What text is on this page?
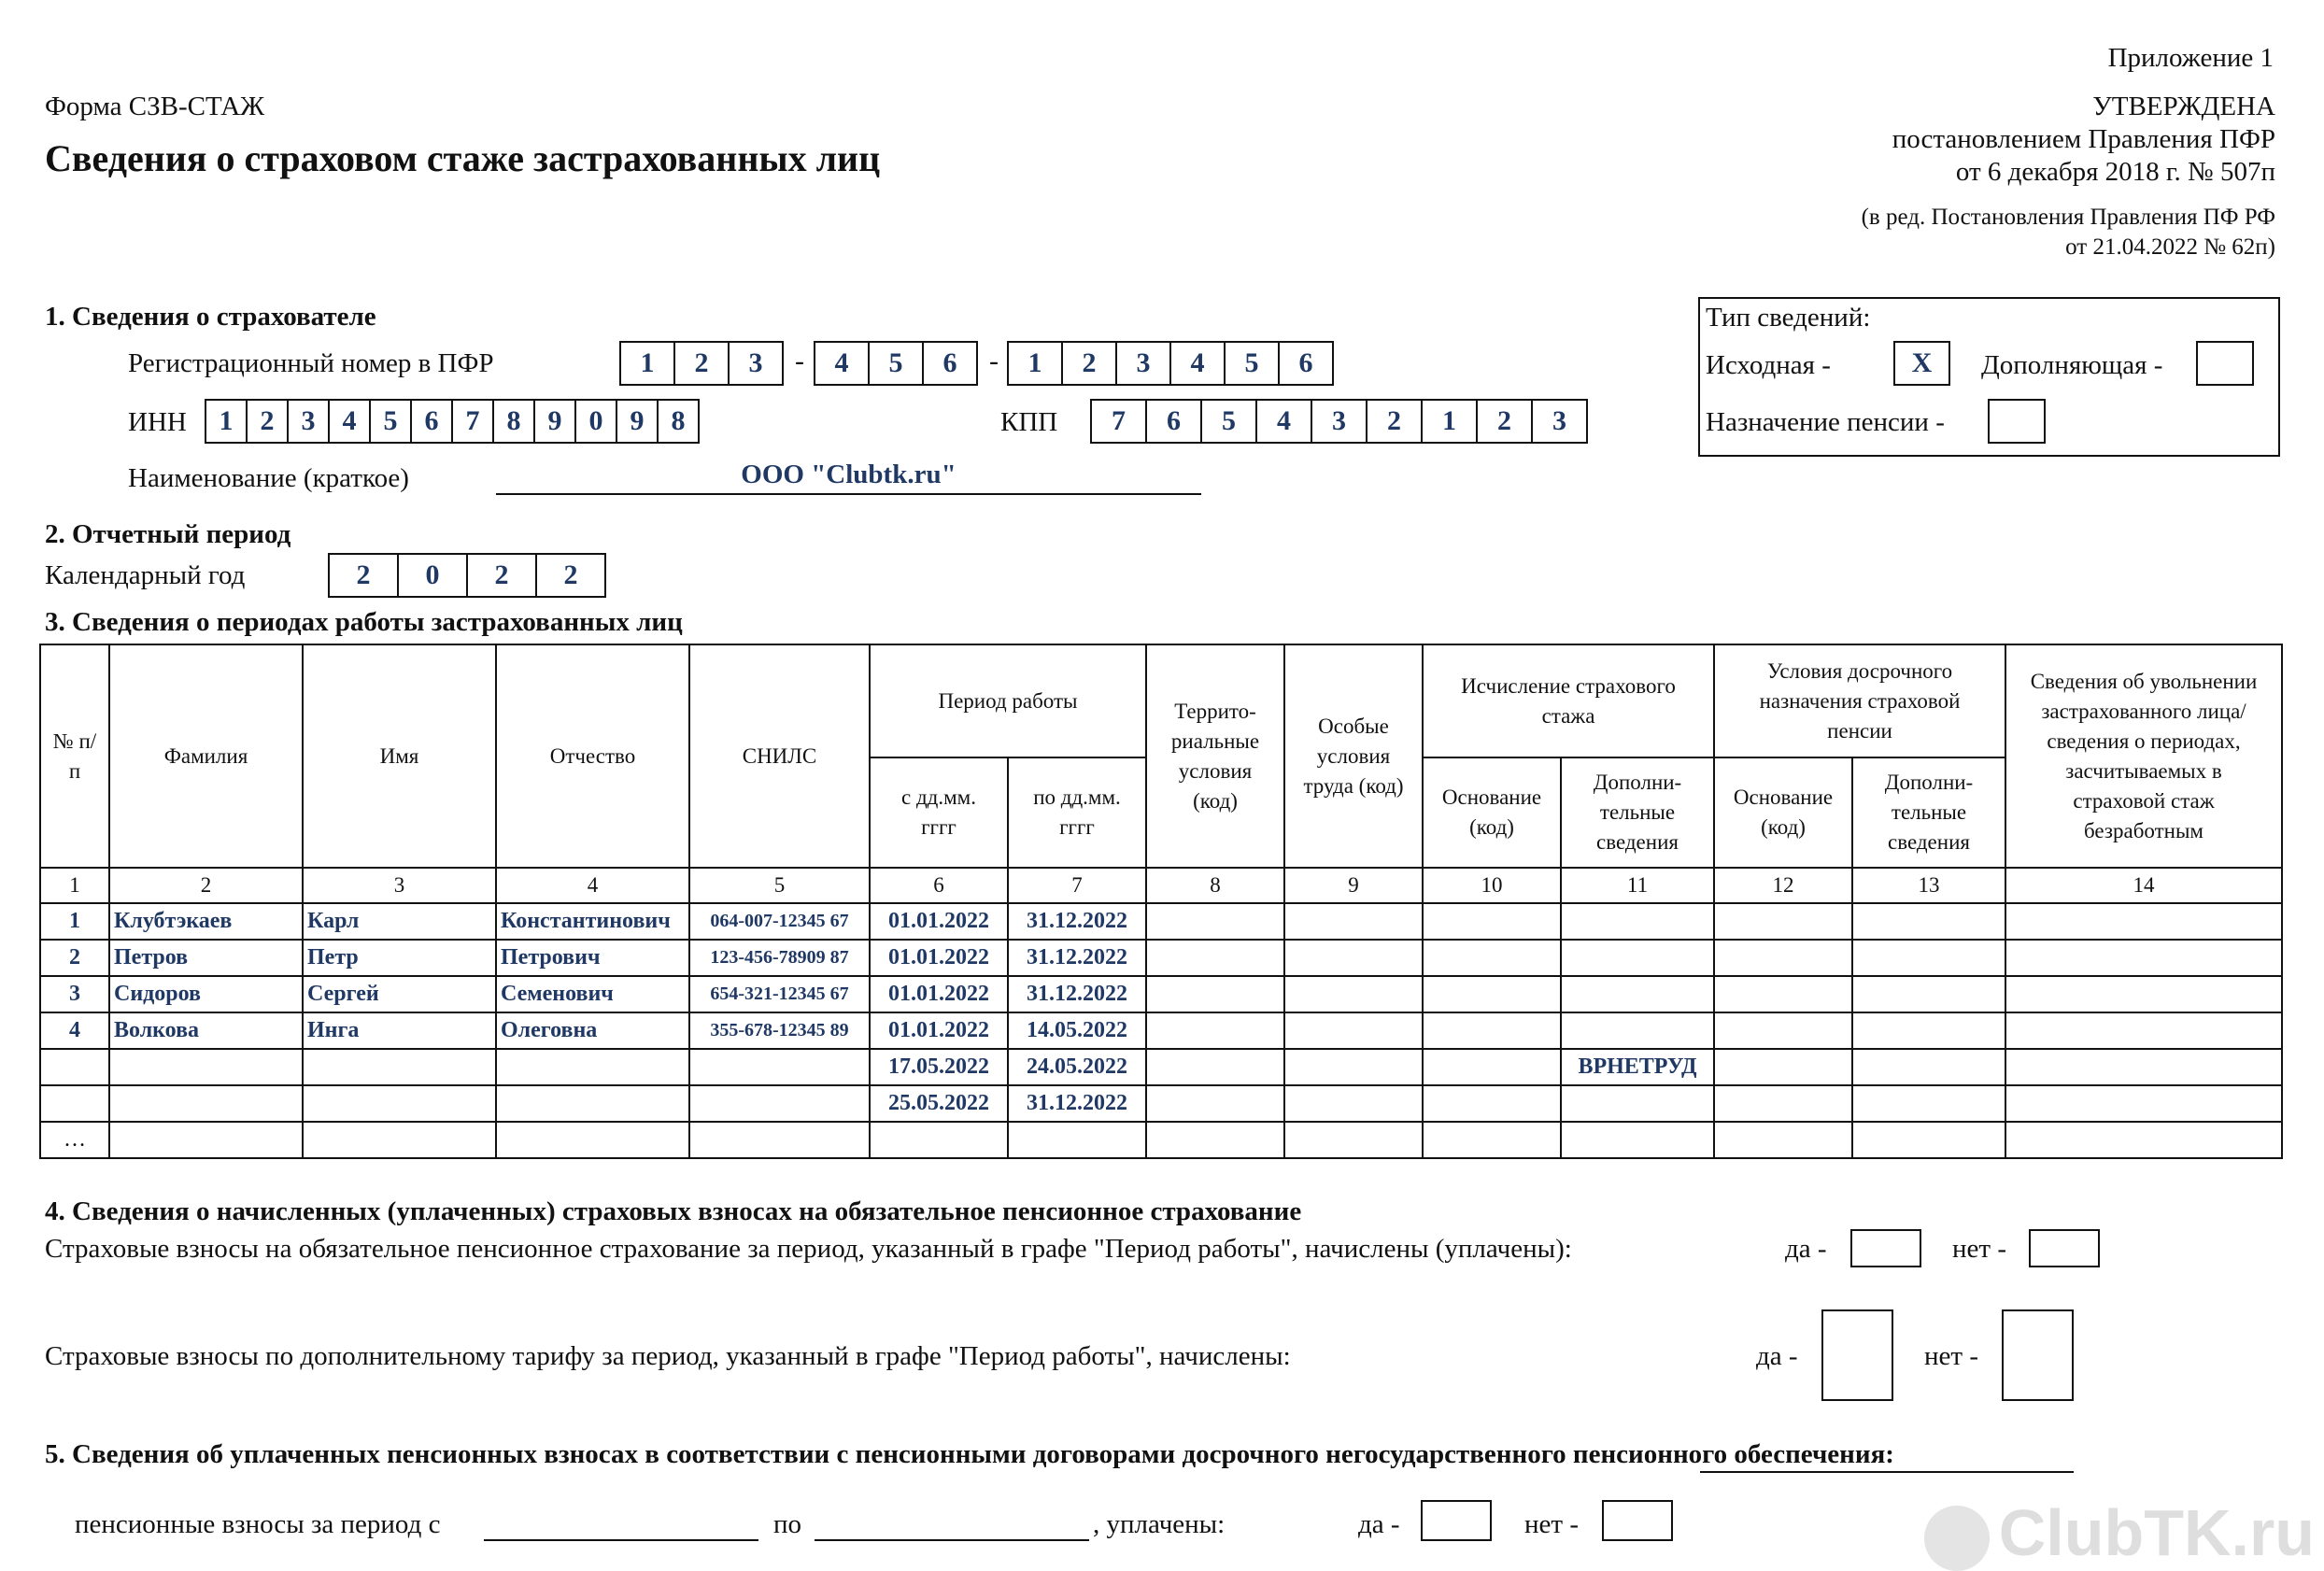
Приложение 1
Форма СЗВ-СТАЖ
Сведения о страховом стаже застрахованных лиц
УТВЕРЖДЕНА
постановлением Правления ПФР
от 6 декабря 2018 г. № 507п
(в ред. Постановления Правления ПФ РФ
от 21.04.2022 № 62п)
1. Сведения о страхователе
Регистрационный номер в ПФР	1	2	3	-	4	5	6	-	1	2	3	4	5	6
ИНН	1 2 3 4 5 6 7 8 9 0 9 8	КПП	7	6	5	4	3	2	1	2	3
Наименование (краткое)	ООО "Clubtk.ru"
Тип сведений:
Исходная -	X	Дополняющая -
Назначение пенсии -
2. Отчетный период
Календарный год	2	0	2	2
3. Сведения о периодах работы застрахованных лиц
№ п/п	Фамилия	Имя	Отчество	СНИЛС	Период работы		Террито- риальные условия (код)	Особые условия труда (код)	Исчисление страхового стажа		Условия досрочного назначения страховой пенсии		Сведения об увольнении застрахованного лица/ сведения о периодах, засчитываемых в страховой стаж безработным
					с дд.мм. гггг	по дд.мм. гггг			Основание (код)	Дополни- тельные сведения	Основание (код)	Дополни- тельные сведения	
1	2	3	4	5	6	7	8	9	10	11	12	13	14
1	Клубтэкаев	Карл	Константинович	064-007-12345 67	01.01.2022	31.12.2022							
2	Петров	Петр	Петрович	123-456-78909 87	01.01.2022	31.12.2022							
3	Сидоров	Сергей	Семенович	654-321-12345 67	01.01.2022	31.12.2022							
4	Волкова	Инга	Олеговна	355-678-12345 89	01.01.2022	14.05.2022							
					17.05.2022	24.05.2022				ВРНЕТРУД			
					25.05.2022	31.12.2022							
…													
4. Сведения о начисленных (уплаченных) страховых взносах на обязательное пенсионное страхование
Страховые взносы на обязательное пенсионное страхование за период, указанный в графе "Период работы", начислены (уплачены):	да -	нет -
Страховые взносы по дополнительному тарифу за период, указанный в графе "Период работы", начислены:	да -	нет -
5. Сведения об уплаченных пенсионных взносах в соответствии с пенсионными договорами досрочного негосударственного пенсионного обеспечения:
пенсионные взносы за период с	по	, уплачены:	да -	нет -	ClubTK.ru
